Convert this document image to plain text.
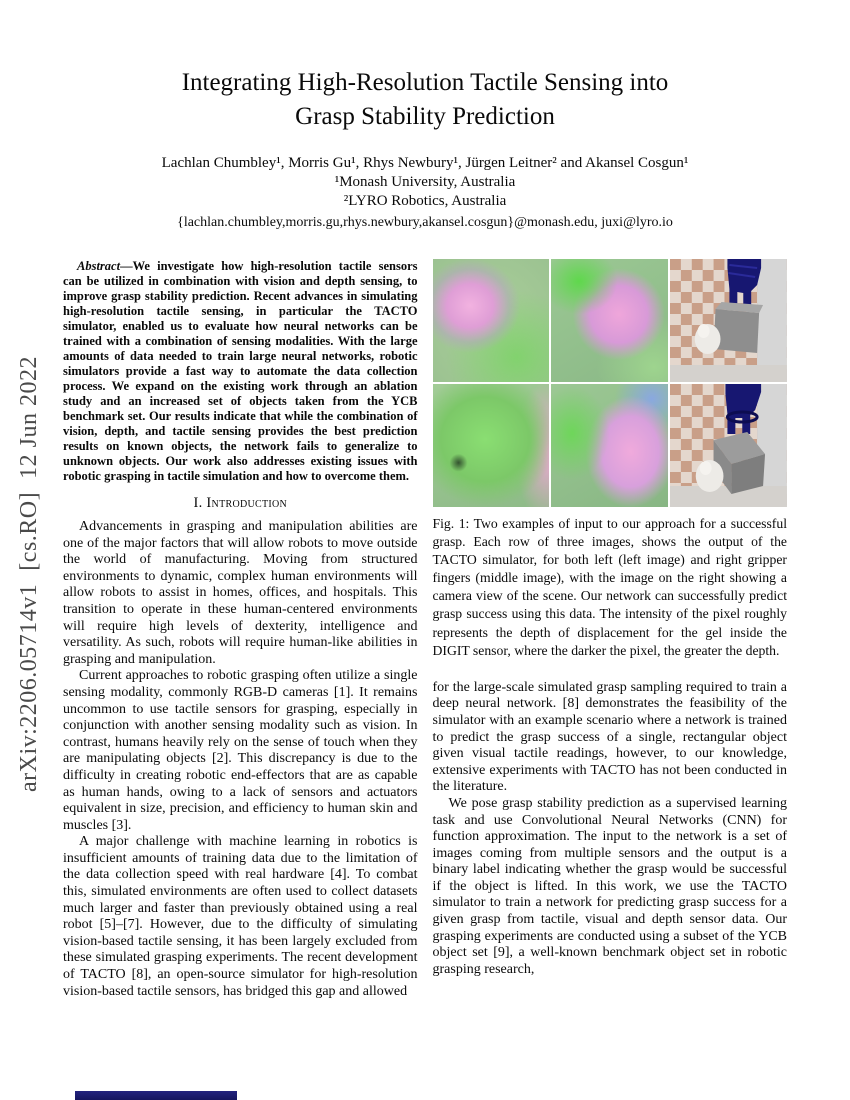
arXiv:2206.05714v1  [cs.RO]  12 Jun 2022
Integrating High-Resolution Tactile Sensing into
Grasp Stability Prediction
Lachlan Chumbley¹, Morris Gu¹, Rhys Newbury¹, Jürgen Leitner² and Akansel Cosgun¹
¹Monash University, Australia
²LYRO Robotics, Australia
{lachlan.chumbley,morris.gu,rhys.newbury,akansel.cosgun}@monash.edu, juxi@lyro.io

Abstract—We investigate how high-resolution tactile sensors can be utilized in combination with vision and depth sensing, to improve grasp stability prediction. Recent advances in simulating high-resolution tactile sensing, in particular the TACTO simulator, enabled us to evaluate how neural networks can be trained with a combination of sensing modalities. With the large amounts of data needed to train large neural networks, robotic simulators provide a fast way to automate the data collection process. We expand on the existing work through an ablation study and an increased set of objects taken from the YCB benchmark set. Our results indicate that while the combination of vision, depth, and tactile sensing provides the best prediction results on known objects, the network fails to generalize to unknown objects. Our work also addresses existing issues with robotic grasping in tactile simulation and how to overcome them.

I. Introduction

Advancements in grasping and manipulation abilities are one of the major factors that will allow robots to move outside the world of manufacturing. Moving from structured environments to dynamic, complex human environments will allow robots to assist in homes, offices, and hospitals. This transition to operate in these human-centered environments will require high levels of dexterity, intelligence and versatility. As such, robots will require human-like abilities in grasping and manipulation.

Current approaches to robotic grasping often utilize a single sensing modality, commonly RGB-D cameras [1]. It remains uncommon to use tactile sensors for grasping, especially in conjunction with another sensing modality such as vision. In contrast, humans heavily rely on the sense of touch when they are manipulating objects [2]. This discrepancy is due to the difficulty in creating robotic end-effectors that are as capable as human hands, owing to a lack of sensors and actuators equivalent in size, precision, and efficiency to human skin and muscles [3].

A major challenge with machine learning in robotics is insufficient amounts of training data due to the limitation of the data collection speed with real hardware [4]. To combat this, simulated environments are often used to collect datasets much larger and faster than previously obtained using a real robot [5]–[7]. However, due to the difficulty of simulating vision-based tactile sensing, it has been largely excluded from these simulated grasping experiments. The recent development of TACTO [8], an open-source simulator for high-resolution vision-based tactile sensors, has bridged this gap and allowed

Fig. 1: Two examples of input to our approach for a successful grasp. Each row of three images, shows the output of the TACTO simulator, for both left (left image) and right gripper fingers (middle image), with the image on the right showing a camera view of the scene. Our network can successfully predict grasp success using this data. The intensity of the pixel roughly represents the depth of displacement for the gel inside the DIGIT sensor, where the darker the pixel, the greater the depth.

for the large-scale simulated grasp sampling required to train a deep neural network. [8] demonstrates the feasibility of the simulator with an example scenario where a network is trained to predict the grasp success of a single, rectangular object given visual tactile readings, however, to our knowledge, extensive experiments with TACTO has not been conducted in the literature.

We pose grasp stability prediction as a supervised learning task and use Convolutional Neural Networks (CNN) for function approximation. The input to the network is a set of images coming from multiple sensors and the output is a binary label indicating whether the grasp would be successful if the object is lifted. In this work, we use the TACTO simulator to train a network for predicting grasp success for a given grasp from tactile, visual and depth sensor data. Our grasping experiments are conducted using a subset of the YCB object set [9], a well-known benchmark object set in robotic grasping research,
